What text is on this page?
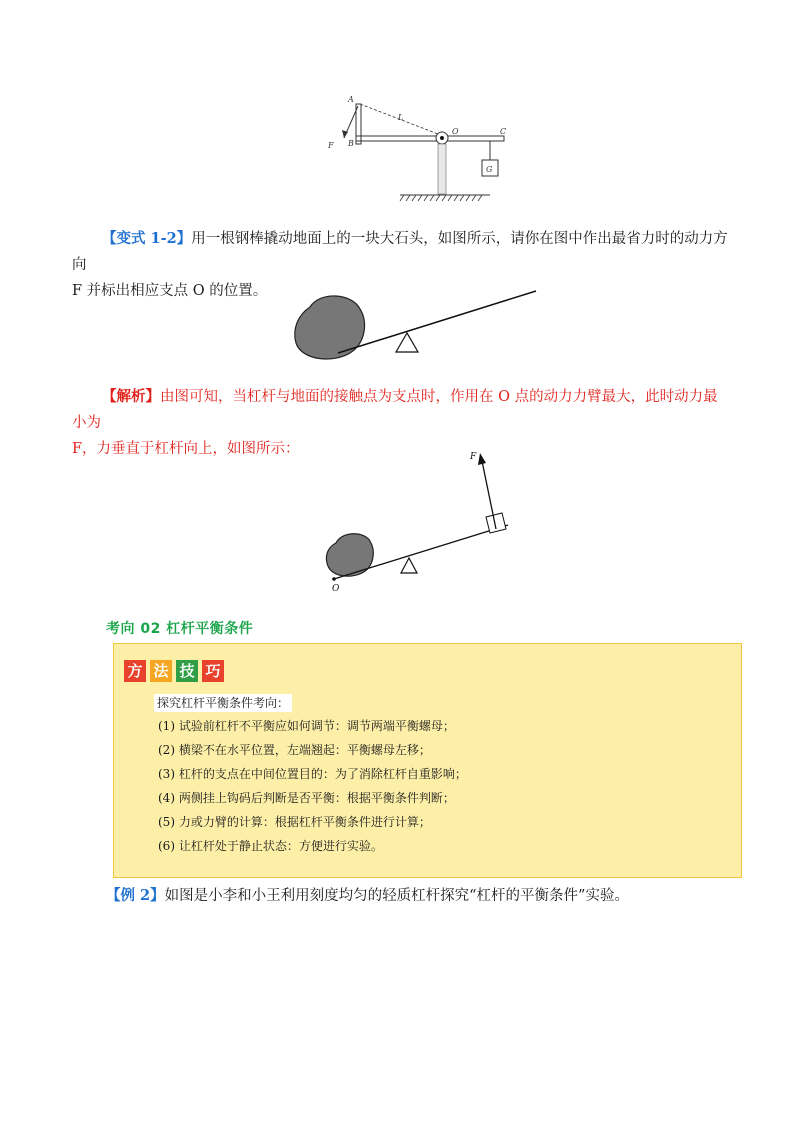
A
B
L
O	C
G
F
【变式 1-2】用一根钢棒撬动地面上的一块大石头，如图所示，请你在图中作出最省力时的动力方向
F 并标出相应支点 O 的位置。
【解析】由图可知，当杠杆与地面的接触点为支点时，作用在 O 点的动力力臂最大，此时动力最小为
F，力垂直于杠杆向上，如图所示：	F
O
考向 02 杠杆平衡条件
方 法 技 巧
探究杠杆平衡条件考向：
(1) 试验前杠杆不平衡应如何调节：调节两端平衡螺母；
(2) 横梁不在水平位置，左端翘起：平衡螺母左移；
(3) 杠杆的支点在中间位置目的：为了消除杠杆自重影响；
(4) 两侧挂上钩码后判断是否平衡：根据平衡条件判断；
(5) 力或力臂的计算：根据杠杆平衡条件进行计算；
(6) 让杠杆处于静止状态：方便进行实验。
【例 2】如图是小李和小王利用刻度均匀的轻质杠杆探究“杠杆的平衡条件”实验。
